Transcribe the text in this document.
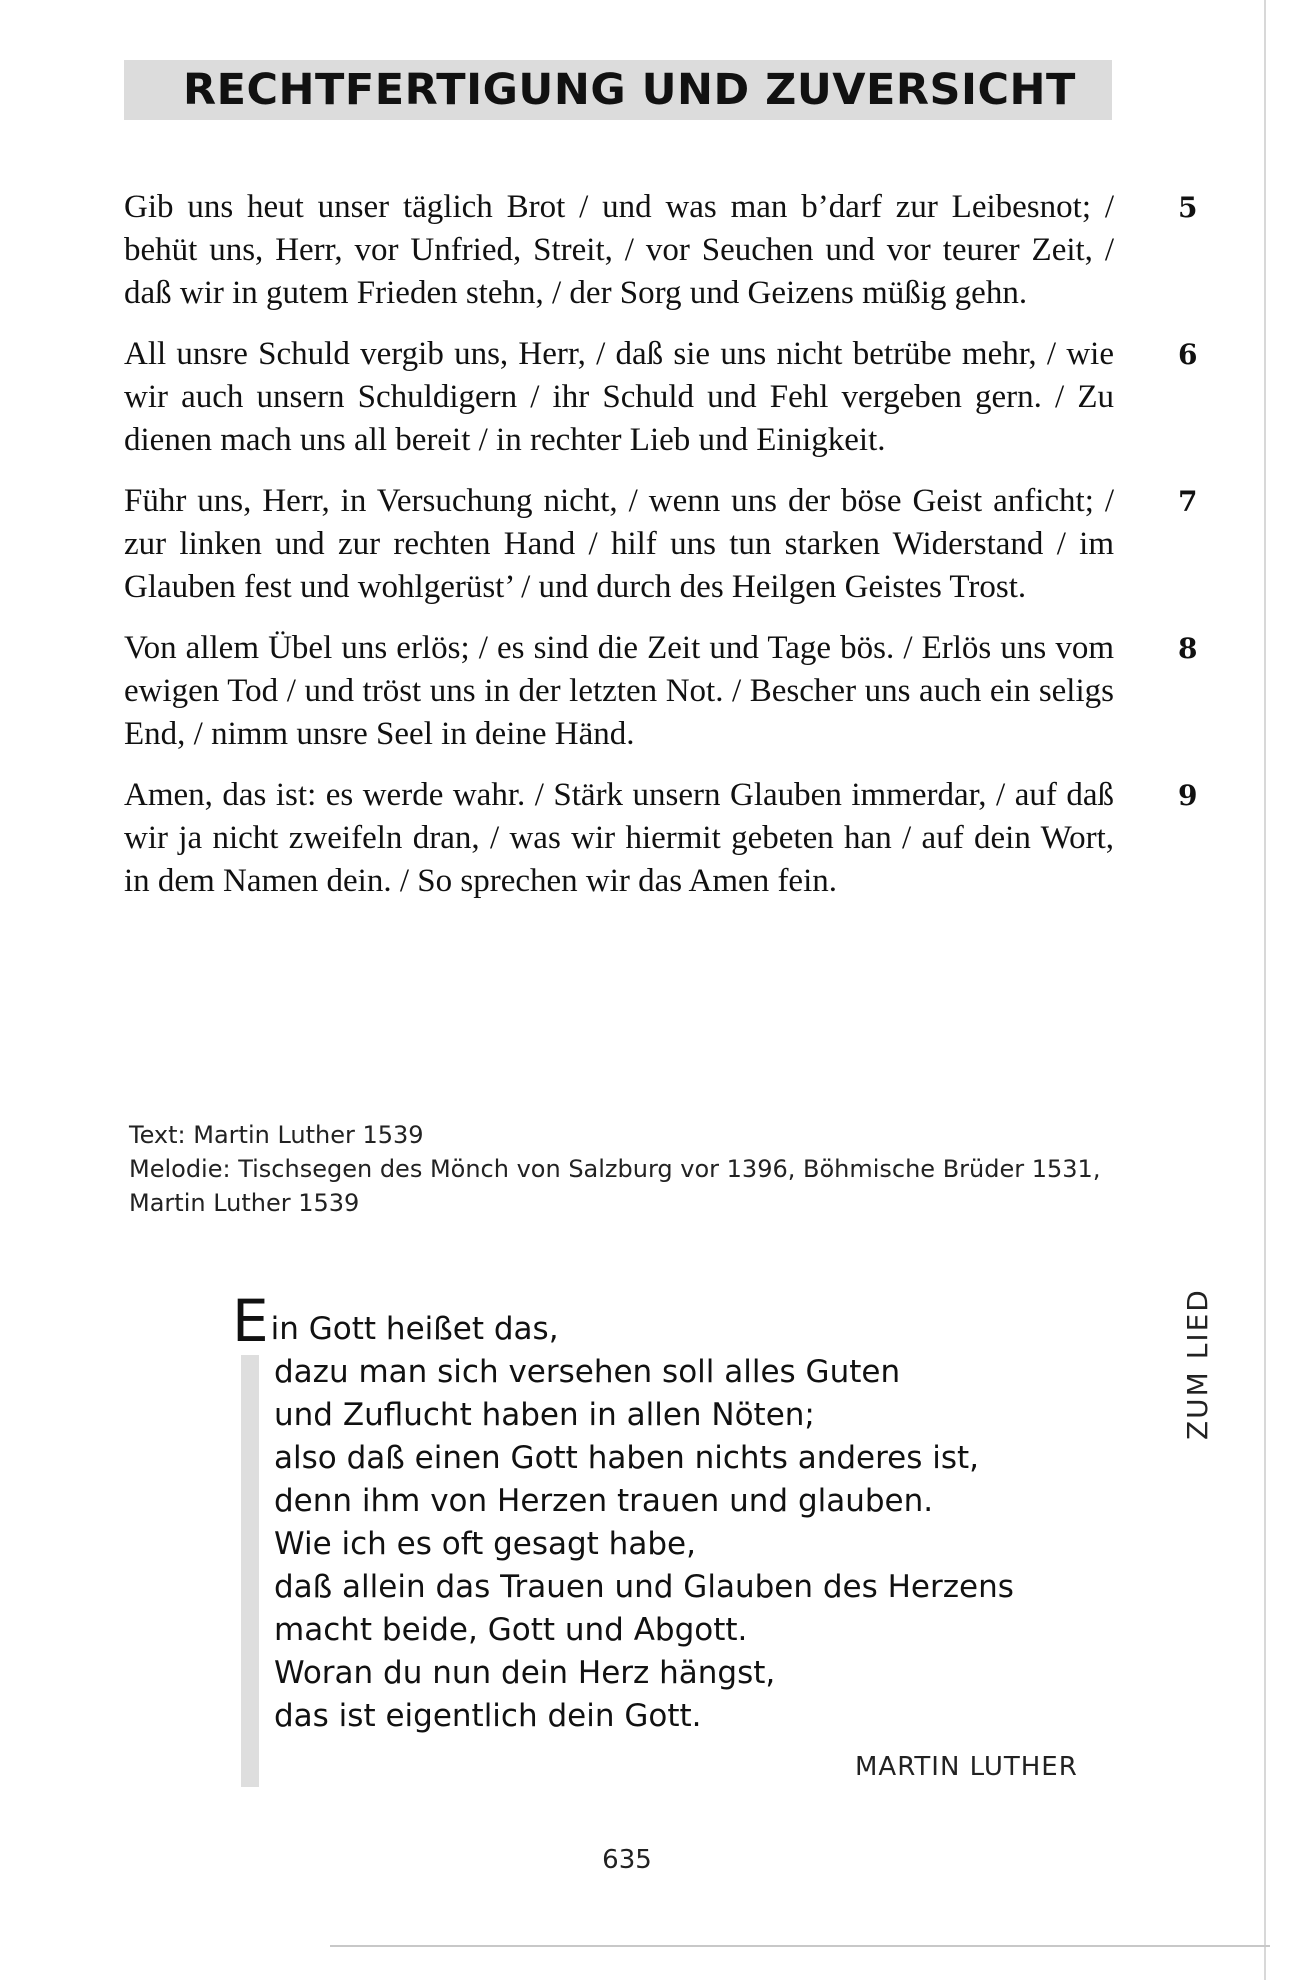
RECHTFERTIGUNG UND ZUVERSICHT
Gib uns heut unser täglich Brot / und was man b’darf zur Leibesnot; / behüt uns, Herr, vor Unfried, Streit, / vor Seuchen und vor teurer Zeit, / daß wir in gutem Frieden stehn, / der Sorg und Geizens müßig gehn.
5
All unsre Schuld vergib uns, Herr, / daß sie uns nicht betrübe mehr, / wie wir auch unsern Schuldigern / ihr Schuld und Fehl vergeben gern. / Zu dienen mach uns all bereit / in rechter Lieb und Einigkeit.
6
Führ uns, Herr, in Versuchung nicht, / wenn uns der böse Geist anficht; / zur linken und zur rechten Hand / hilf uns tun starken Widerstand / im Glauben fest und wohlgerüst’ / und durch des Heilgen Geistes Trost.
7
Von allem Übel uns erlös; / es sind die Zeit und Tage bös. / Erlös uns vom ewigen Tod / und tröst uns in der letzten Not. / Bescher uns auch ein seligs End, / nimm unsre Seel in deine Händ.
8
Amen, das ist: es werde wahr. / Stärk unsern Glauben immerdar, / auf daß wir ja nicht zweifeln dran, / was wir hiermit gebeten han / auf dein Wort, in dem Namen dein. / So sprechen wir das Amen fein.
9
Text: Martin Luther 1539
Melodie: Tischsegen des Mönch von Salzburg vor 1396, Böhmische Brüder 1531,
Martin Luther 1539
Ein Gott heißet das,
dazu man sich versehen soll alles Guten
und Zuflucht haben in allen Nöten;
also daß einen Gott haben nichts anderes ist,
denn ihm von Herzen trauen und glauben.
Wie ich es oft gesagt habe,
daß allein das Trauen und Glauben des Herzens
macht beide, Gott und Abgott.
Woran du nun dein Herz hängst,
das ist eigentlich dein Gott.
MARTIN LUTHER
ZUM LIED
635
